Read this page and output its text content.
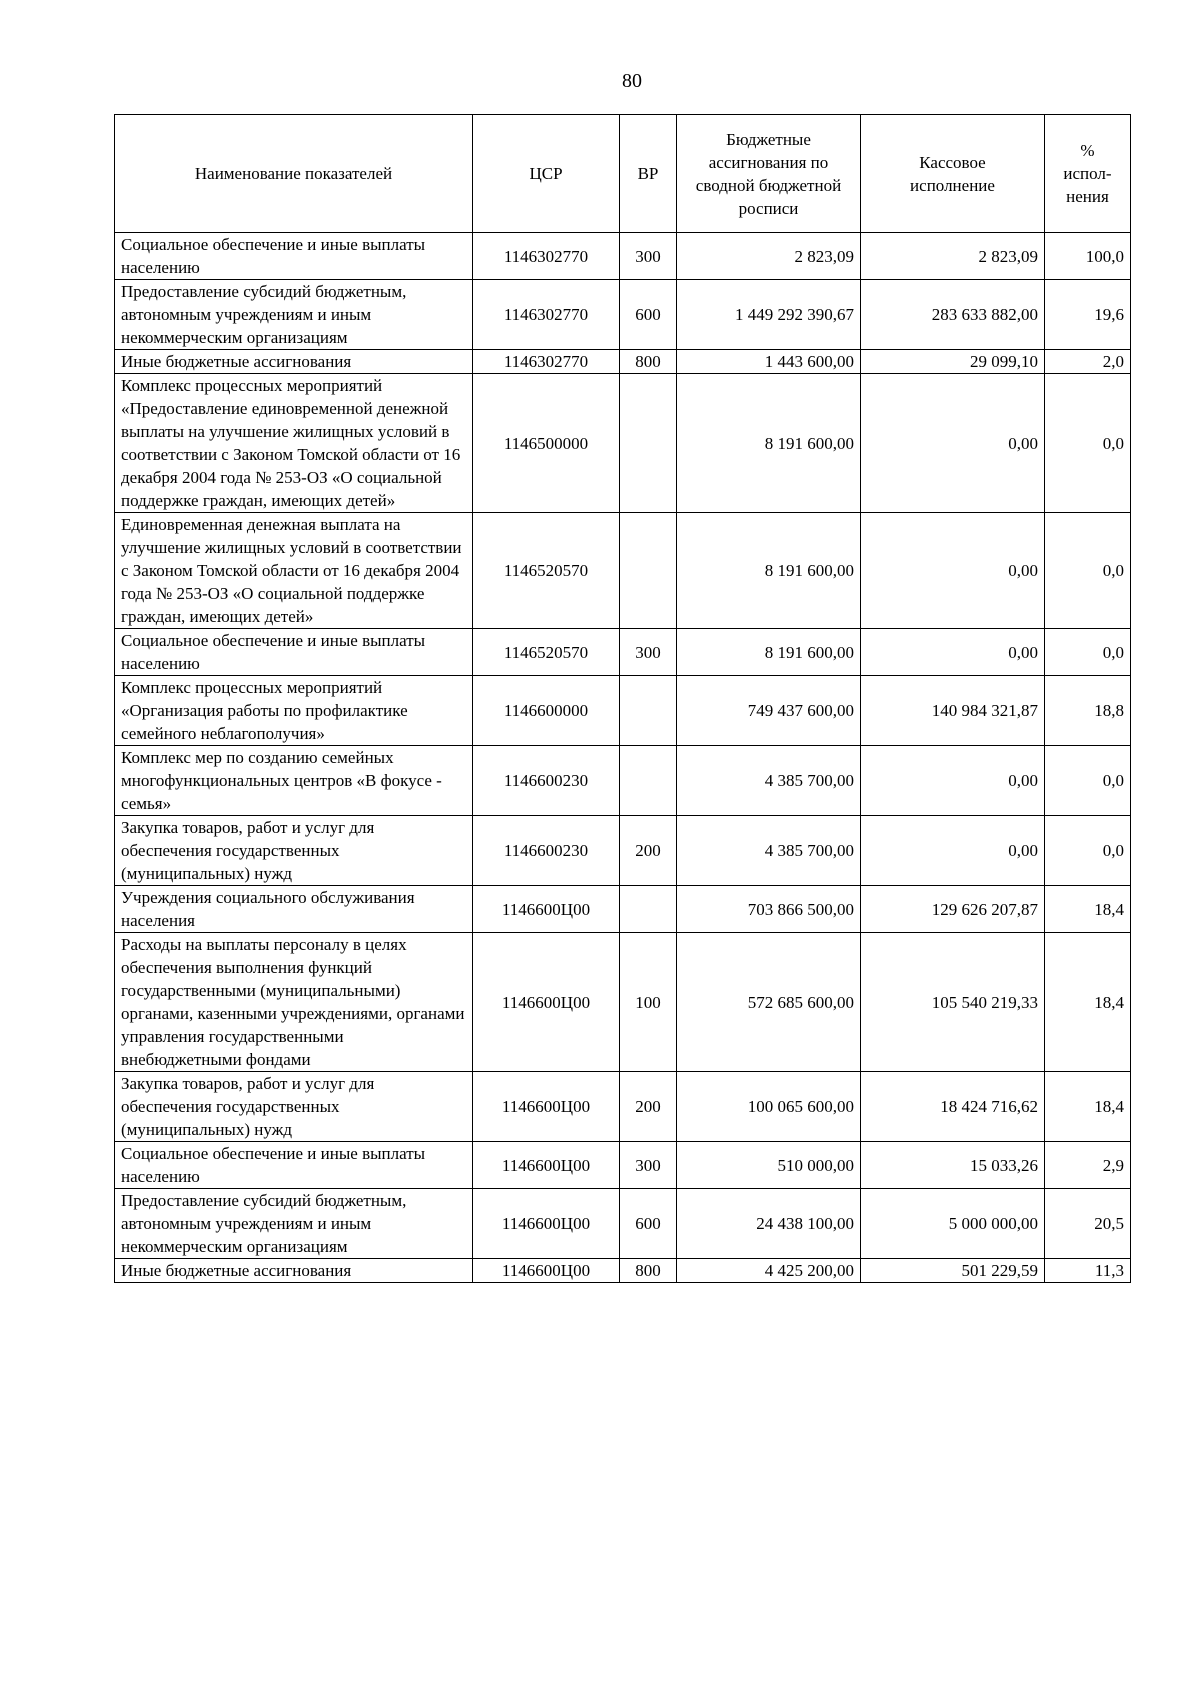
80
Наименование показателей	ЦСР	ВР	Бюджетные ассигнования по сводной бюджетной росписи	Кассовое исполнение	% испол-нения
Социальное обеспечение и иные выплаты населению	1146302770	300	2 823,09	2 823,09	100,0
Предоставление субсидий бюджетным, автономным учреждениям и иным некоммерческим организациям	1146302770	600	1 449 292 390,67	283 633 882,00	19,6
Иные бюджетные ассигнования	1146302770	800	1 443 600,00	29 099,10	2,0
Комплекс процессных мероприятий «Предоставление единовременной денежной выплаты на улучшение жилищных условий в соответствии с Законом Томской области от 16 декабря 2004 года № 253-ОЗ «О социальной поддержке граждан, имеющих детей»	1146500000		8 191 600,00	0,00	0,0
Единовременная денежная выплата на улучшение жилищных условий в соответствии с Законом Томской области от 16 декабря 2004 года № 253-ОЗ «О социальной поддержке граждан, имеющих детей»	1146520570		8 191 600,00	0,00	0,0
Социальное обеспечение и иные выплаты населению	1146520570	300	8 191 600,00	0,00	0,0
Комплекс процессных мероприятий «Организация работы по профилактике семейного неблагополучия»	1146600000		749 437 600,00	140 984 321,87	18,8
Комплекс мер по созданию семейных многофункциональных центров «В фокусе - семья»	1146600230		4 385 700,00	0,00	0,0
Закупка товаров, работ и услуг для обеспечения государственных (муниципальных) нужд	1146600230	200	4 385 700,00	0,00	0,0
Учреждения социального обслуживания населения	1146600Ц00		703 866 500,00	129 626 207,87	18,4
Расходы на выплаты персоналу в целях обеспечения выполнения функций государственными (муниципальными) органами, казенными учреждениями, органами управления государственными внебюджетными фондами	1146600Ц00	100	572 685 600,00	105 540 219,33	18,4
Закупка товаров, работ и услуг для обеспечения государственных (муниципальных) нужд	1146600Ц00	200	100 065 600,00	18 424 716,62	18,4
Социальное обеспечение и иные выплаты населению	1146600Ц00	300	510 000,00	15 033,26	2,9
Предоставление субсидий бюджетным, автономным учреждениям и иным некоммерческим организациям	1146600Ц00	600	24 438 100,00	5 000 000,00	20,5
Иные бюджетные ассигнования	1146600Ц00	800	4 425 200,00	501 229,59	11,3
